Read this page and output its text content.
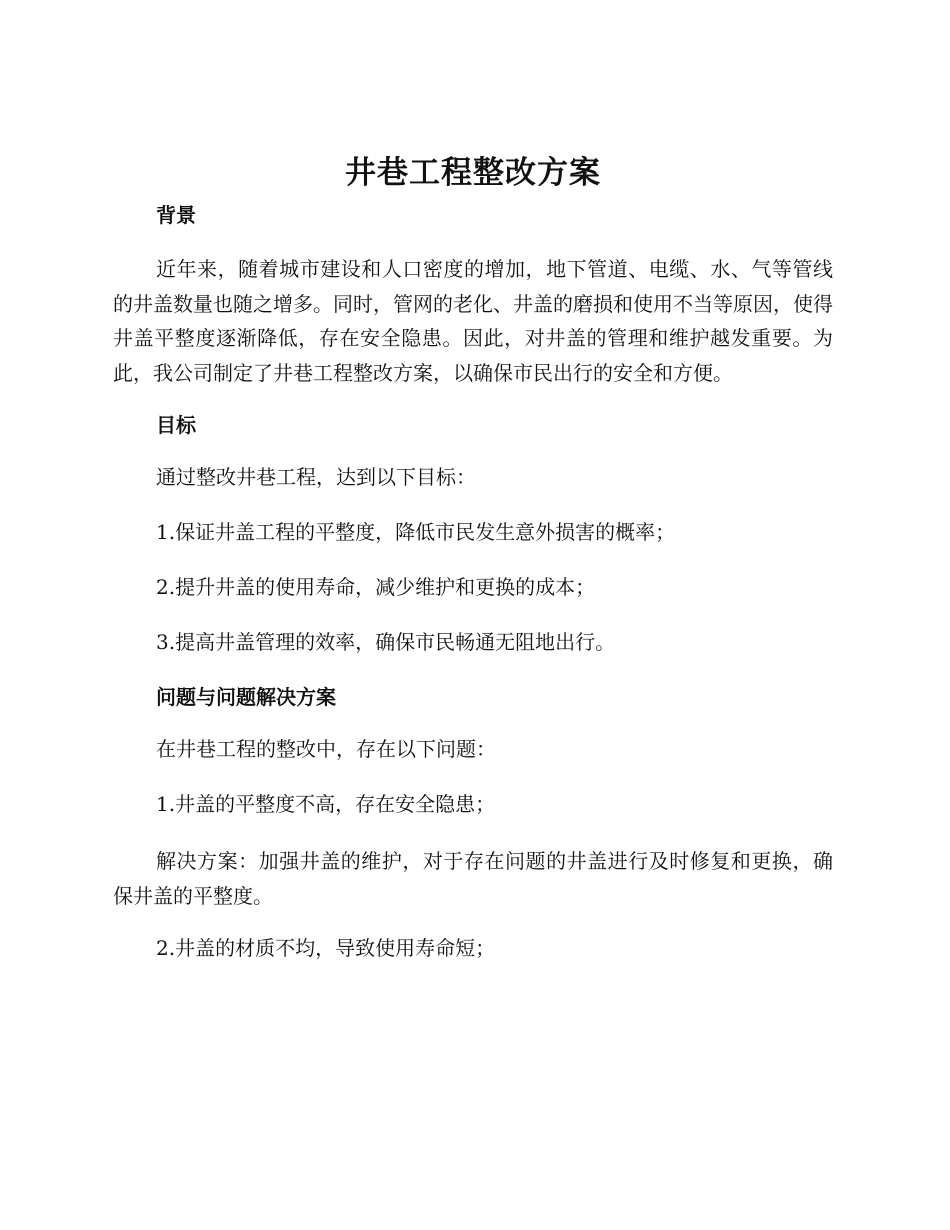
井巷工程整改方案
背景

近年来，随着城市建设和人口密度的增加，地下管道、电缆、水、气等管线的井盖数量也随之增多。同时，管网的老化、井盖的磨损和使用不当等原因，使得井盖平整度逐渐降低，存在安全隐患。因此，对井盖的管理和维护越发重要。为此，我公司制定了井巷工程整改方案，以确保市民出行的安全和方便。

目标

通过整改井巷工程，达到以下目标：

1.保证井盖工程的平整度，降低市民发生意外损害的概率；

2.提升井盖的使用寿命，减少维护和更换的成本；

3.提高井盖管理的效率，确保市民畅通无阻地出行。

问题与问题解决方案

在井巷工程的整改中，存在以下问题：

1.井盖的平整度不高，存在安全隐患；

解决方案：加强井盖的维护，对于存在问题的井盖进行及时修复和更换，确保井盖的平整度。

2.井盖的材质不均，导致使用寿命短；
